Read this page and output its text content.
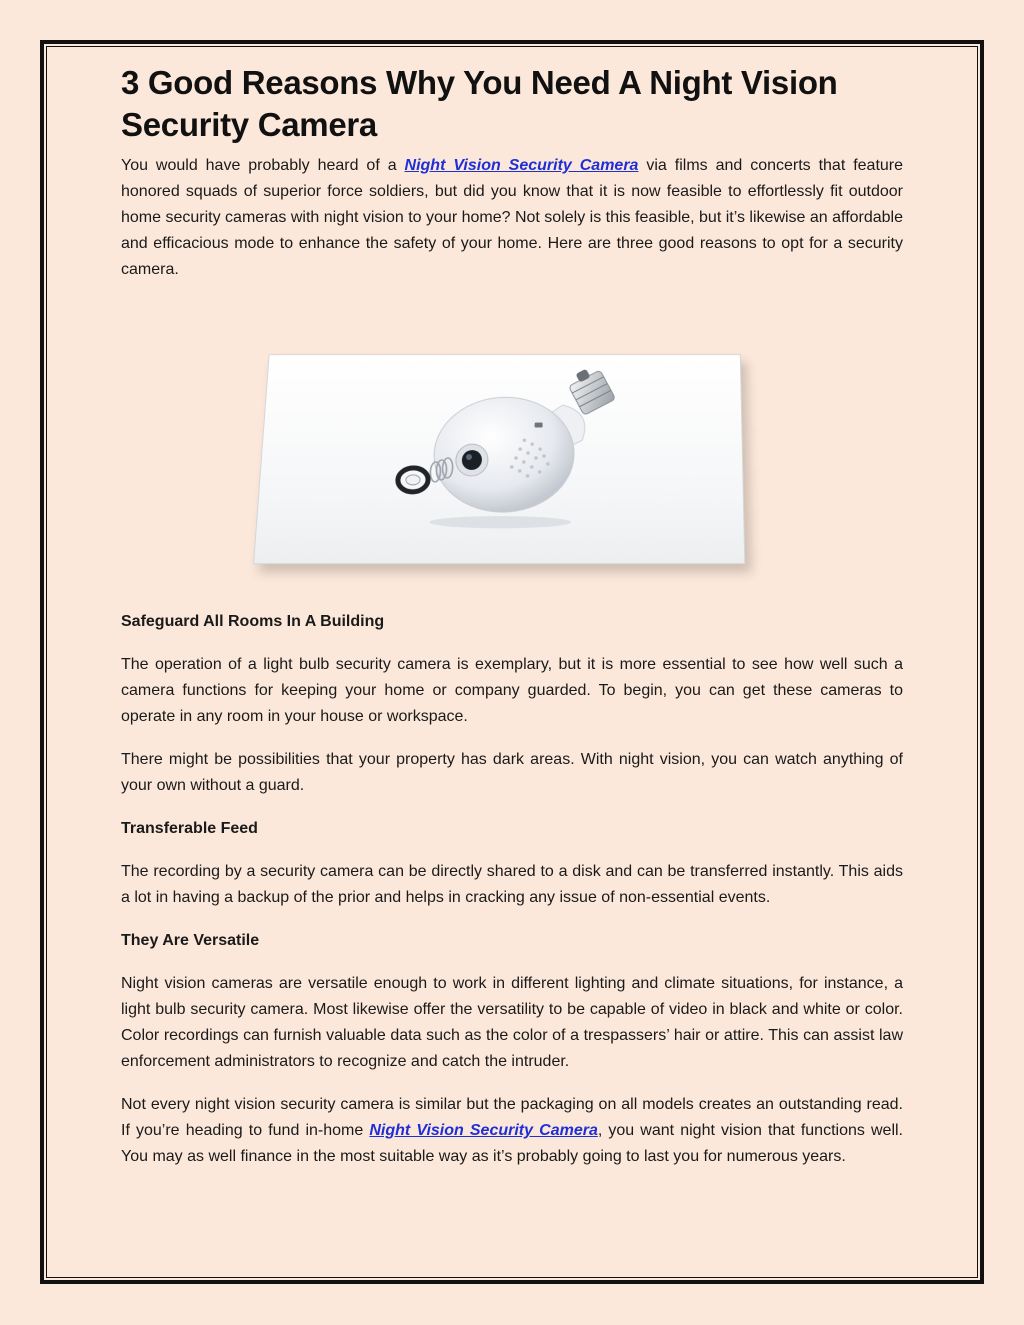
3 Good Reasons Why You Need A Night Vision Security Camera

You would have probably heard of a Night Vision Security Camera via films and concerts that feature honored squads of superior force soldiers, but did you know that it is now feasible to effortlessly fit outdoor home security cameras with night vision to your home? Not solely is this feasible, but it’s likewise an affordable and efficacious mode to enhance the safety of your home. Here are three good reasons to opt for a security camera.

Safeguard All Rooms In A Building

The operation of a light bulb security camera is exemplary, but it is more essential to see how well such a camera functions for keeping your home or company guarded. To begin, you can get these cameras to operate in any room in your house or workspace.

There might be possibilities that your property has dark areas. With night vision, you can watch anything of your own without a guard.

Transferable Feed

The recording by a security camera can be directly shared to a disk and can be transferred instantly. This aids a lot in having a backup of the prior and helps in cracking any issue of non-essential events.

They Are Versatile

Night vision cameras are versatile enough to work in different lighting and climate situations, for instance, a light bulb security camera. Most likewise offer the versatility to be capable of video in black and white or color. Color recordings can furnish valuable data such as the color of a trespassers’ hair or attire. This can assist law enforcement administrators to recognize and catch the intruder.

Not every night vision security camera is similar but the packaging on all models creates an outstanding read. If you’re heading to fund in-home Night Vision Security Camera, you want night vision that functions well. You may as well finance in the most suitable way as it’s probably going to last you for numerous years.
